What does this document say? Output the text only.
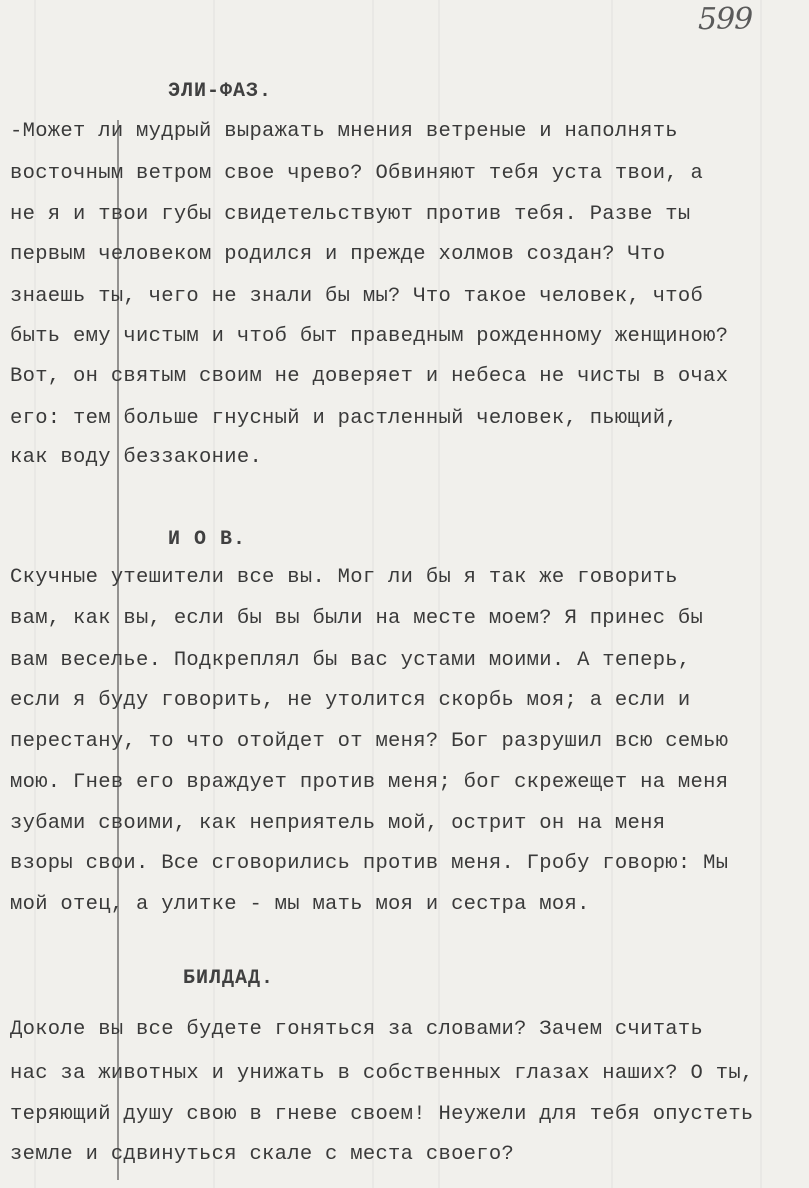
599
ЭЛИ-ФАЗ.
-Может ли мудрый выражать мнения ветреные и наполнять
восточным ветром свое чрево? Обвиняют тебя уста твои, а
не я и твои губы свидетельствуют против тебя. Разве ты
первым человеком родился и прежде холмов создан? Что
знаешь ты, чего не знали бы мы? Что такое человек, чтоб
быть ему чистым и чтоб быт праведным рожденному женщиною?
Вот, он святым своим не доверяет и небеса не чисты в очах
его: тем больше гнусный и растленный человек, пьющий,
как воду беззаконие.
И О В.
Скучные утешители все вы. Мог ли бы я так же говорить
вам, как вы, если бы вы были на месте моем? Я принес бы
вам веселье. Подкреплял бы вас устами моими. А теперь,
если я буду говорить, не утолится скорбь моя; а если и
перестану, то что отойдет от меня? Бог разрушил всю семью
мою. Гнев его враждует против меня; бог скрежещет на меня
зубами своими, как неприятель мой, острит он на меня
взоры свои. Все сговорились против меня. Гробу говорю: Мы
мой отец, а улитке - мы мать моя и сестра моя.
БИЛДАД.
Доколе вы все будете гоняться за словами? Зачем считать
нас за животных и унижать в собственных глазах наших? О ты,
теряющий душу свою в гневе своем! Неужели для тебя опустеть
земле и сдвинуться скале с места своего?
